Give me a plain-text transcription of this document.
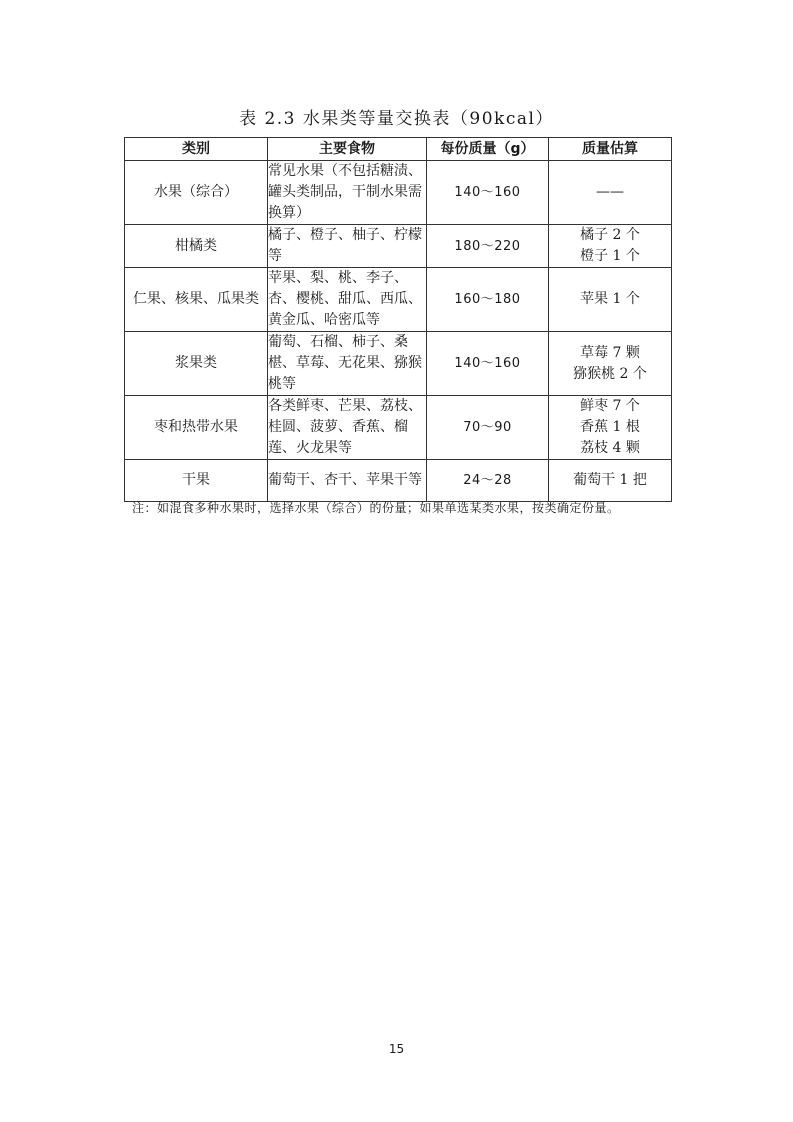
表 2.3 水果类等量交换表（90kcal）
类别	主要食物	每份质量（g）	质量估算
水果（综合）	常见水果（不包括糖渍、罐头类制品，干制水果需换算）	140～160	——

柑橘类	橘子、橙子、柚子、柠檬等	180～220	橘子 2 个
橙子 1 个

仁果、核果、瓜果类	苹果、梨、桃、李子、杏、樱桃、甜瓜、西瓜、黄金瓜、哈密瓜等	160～180	苹果 1 个

浆果类	葡萄、石榴、柿子、桑椹、草莓、无花果、猕猴桃等	140～160	草莓 7 颗
猕猴桃 2 个

枣和热带水果	各类鲜枣、芒果、荔枝、桂圆、菠萝、香蕉、榴莲、火龙果等	70～90	鲜枣 7 个
香蕉 1 根
荔枝 4 颗

干果	葡萄干、杏干、苹果干等	24～28	葡萄干 1 把
注：如混食多种水果时，选择水果（综合）的份量；如果单选某类水果，按类确定份量。
15
